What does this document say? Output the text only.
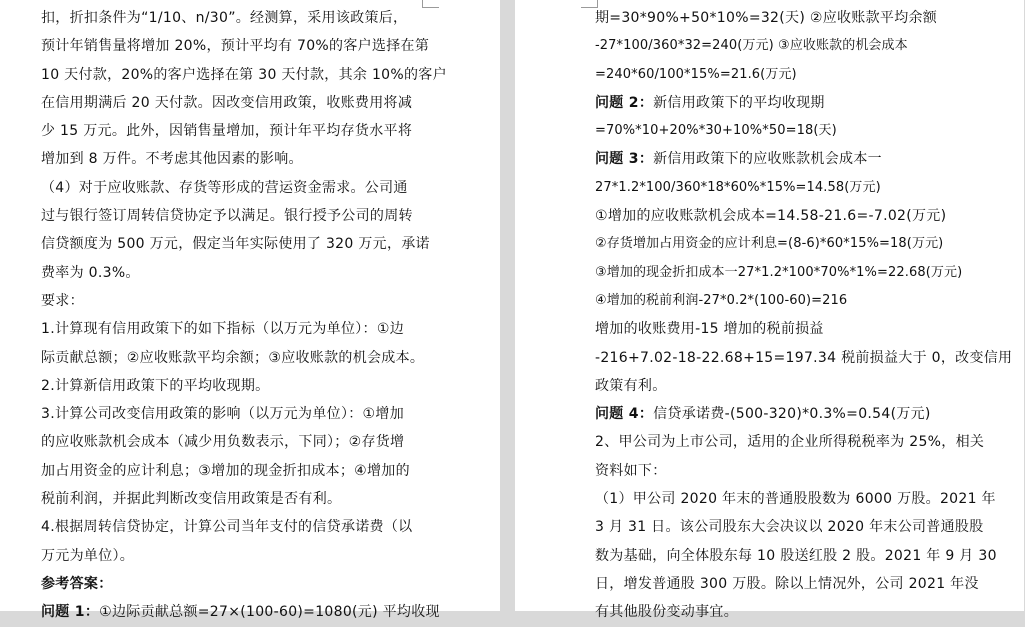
扣，折扣条件为“1/10、n/30”。经测算，采用该政策后，
预计年销售量将增加 20%，预计平均有 70%的客户选择在第
10 天付款，20%的客户选择在第 30 天付款，其余 10%的客户
在信用期满后 20 天付款。因改变信用政策，收账费用将减
少 15 万元。此外，因销售量增加，预计年平均存货水平将
增加到 8 万件。不考虑其他因素的影响。
（4）对于应收账款、存货等形成的营运资金需求。公司通
过与银行签订周转信贷协定予以满足。银行授予公司的周转
信贷额度为 500 万元，假定当年实际使用了 320 万元，承诺
费率为 0.3%。
要求：
1.计算现有信用政策下的如下指标（以万元为单位）：①边
际贡献总额；②应收账款平均余额；③应收账款的机会成本。
2.计算新信用政策下的平均收现期。
3.计算公司改变信用政策的影响（以万元为单位）：①增加
的应收账款机会成本（减少用负数表示，下同）；②存货增
加占用资金的应计利息；③增加的现金折扣成本；④增加的
税前利润，并据此判断改变信用政策是否有利。
4.根据周转信贷协定，计算公司当年支付的信贷承诺费（以
万元为单位）。
参考答案：
问题 1：①边际贡献总额=27×(100-60)=1080(元) 平均收现
期=30*90%+50*10%=32(天) ②应收账款平均余额
-27*100/360*32=240(万元) ③应收账款的机会成本
=240*60/100*15%=21.6(万元)
问题 2：新信用政策下的平均收现期
=70%*10+20%*30+10%*50=18(天)
问题 3：新信用政策下的应收账款机会成本一
27*1.2*100/360*18*60%*15%=14.58(万元)
①增加的应收账款机会成本=14.58-21.6=-7.02(万元)
②存货增加占用资金的应计利息=(8-6)*60*15%=18(万元)
③增加的现金折扣成本一27*1.2*100*70%*1%=22.68(万元)
④增加的税前利润-27*0.2*(100-60)=216
增加的收账费用-15 增加的税前损益
-216+7.02-18-22.68+15=197.34 税前损益大于 0，改变信用
政策有利。
问题 4：信贷承诺费-(500-320)*0.3%=0.54(万元)
2、甲公司为上市公司，适用的企业所得税税率为 25%，相关
资料如下：
（1）甲公司 2020 年末的普通股股数为 6000 万股。2021 年
3 月 31 日。该公司股东大会决议以 2020 年末公司普通股股
数为基础，向全体股东每 10 股送红股 2 股。2021 年 9 月 30
日，增发普通股 300 万股。除以上情况外，公司 2021 年没
有其他股份变动事宜。
